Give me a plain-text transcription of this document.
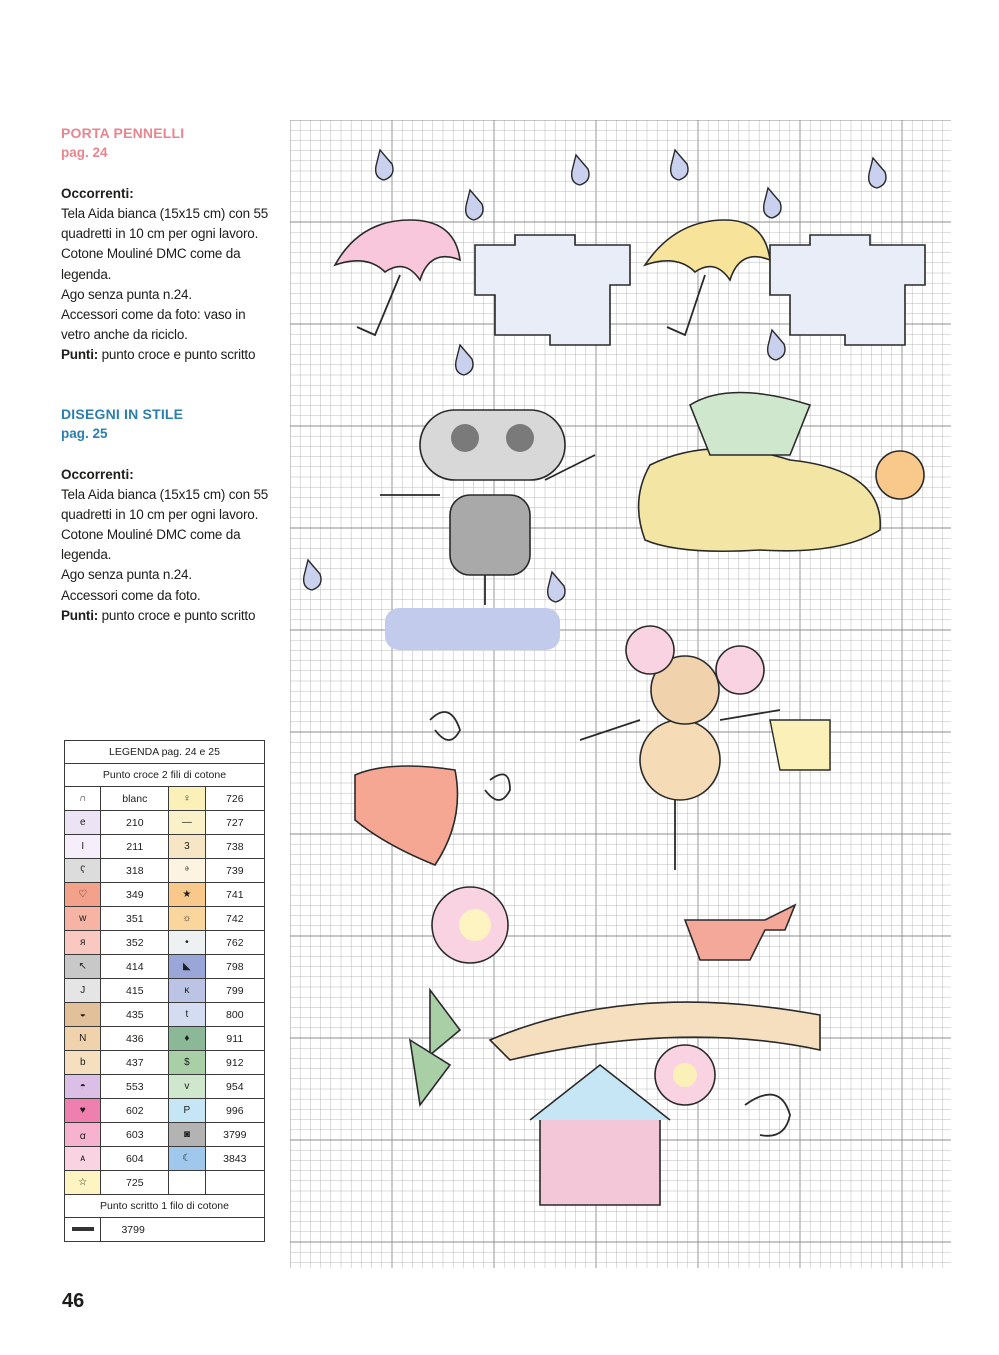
PORTA PENNELLI
pag. 24
Occorrenti:
Tela Aida bianca (15x15 cm) con 55
quadretti in 10 cm per ogni lavoro.
Cotone Mouliné DMC come da
legenda.
Ago senza punta n.24.
Accessori come da foto: vaso in
vetro anche da riciclo.
Punti: punto croce e punto scritto
DISEGNI IN STILE
pag. 25
Occorrenti:
Tela Aida bianca (15x15 cm) con 55
quadretti in 10 cm per ogni lavoro.
Cotone Mouliné DMC come da
legenda.
Ago senza punta n.24.
Accessori come da foto.
Punti: punto croce e punto scritto
LEGENDA pag. 24 e 25			
Punto croce 2 fili di cotone			
∩	blanc	♀	726
e	210	—	727
I	211	3	738
ʕ	318	ᵊ	739
♡	349	★	741
w	351	☼	742
я	352	•	762
↖	414	◣	798
J	415	ᴋ	799
◒	435	t	800
N	436	♦	911
b	437	$	912
◓	553	v	954
♥	602	P	996
ꭤ	603	◙	3799
ᴀ	604	☾	3843
☆	725		
Punto scritto 1 filo di cotone			
	3799		
46
